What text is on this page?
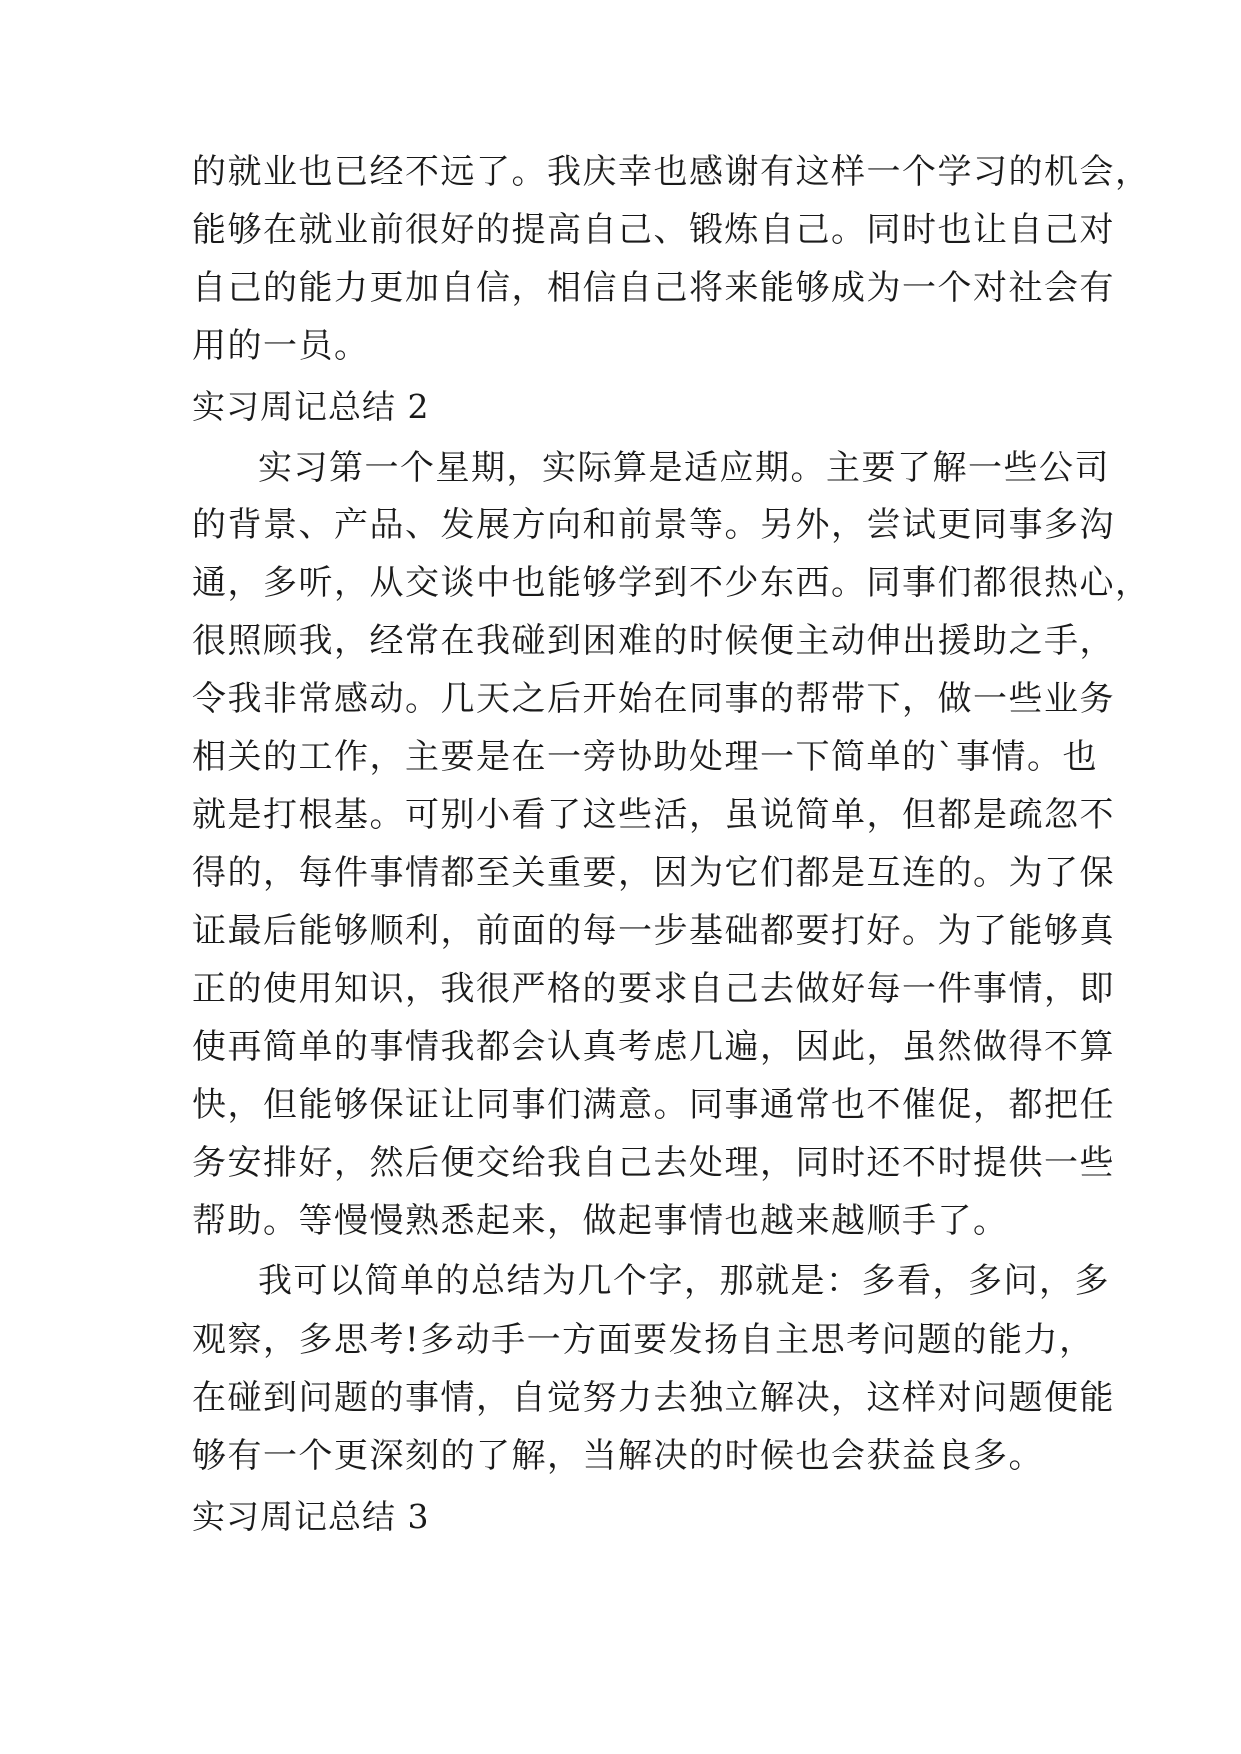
的就业也已经不远了。我庆幸也感谢有这样一个学习的机会，
能够在就业前很好的提高自己、锻炼自己。同时也让自己对
自己的能力更加自信，相信自己将来能够成为一个对社会有
用的一员。
实习周记总结 2
实习第一个星期，实际算是适应期。主要了解一些公司
的背景、产品、发展方向和前景等。另外，尝试更同事多沟
通，多听，从交谈中也能够学到不少东西。同事们都很热心，
很照顾我，经常在我碰到困难的时候便主动伸出援助之手，
令我非常感动。几天之后开始在同事的帮带下，做一些业务
相关的工作，主要是在一旁协助处理一下简单的`事情。也
就是打根基。可别小看了这些活，虽说简单，但都是疏忽不
得的，每件事情都至关重要，因为它们都是互连的。为了保
证最后能够顺利，前面的每一步基础都要打好。为了能够真
正的使用知识，我很严格的要求自己去做好每一件事情，即
使再简单的事情我都会认真考虑几遍，因此，虽然做得不算
快，但能够保证让同事们满意。同事通常也不催促，都把任
务安排好，然后便交给我自己去处理，同时还不时提供一些
帮助。等慢慢熟悉起来，做起事情也越来越顺手了。
我可以简单的总结为几个字，那就是：多看，多问，多
观察，多思考!多动手一方面要发扬自主思考问题的能力，
在碰到问题的事情，自觉努力去独立解决，这样对问题便能
够有一个更深刻的了解，当解决的时候也会获益良多。
实习周记总结 3
